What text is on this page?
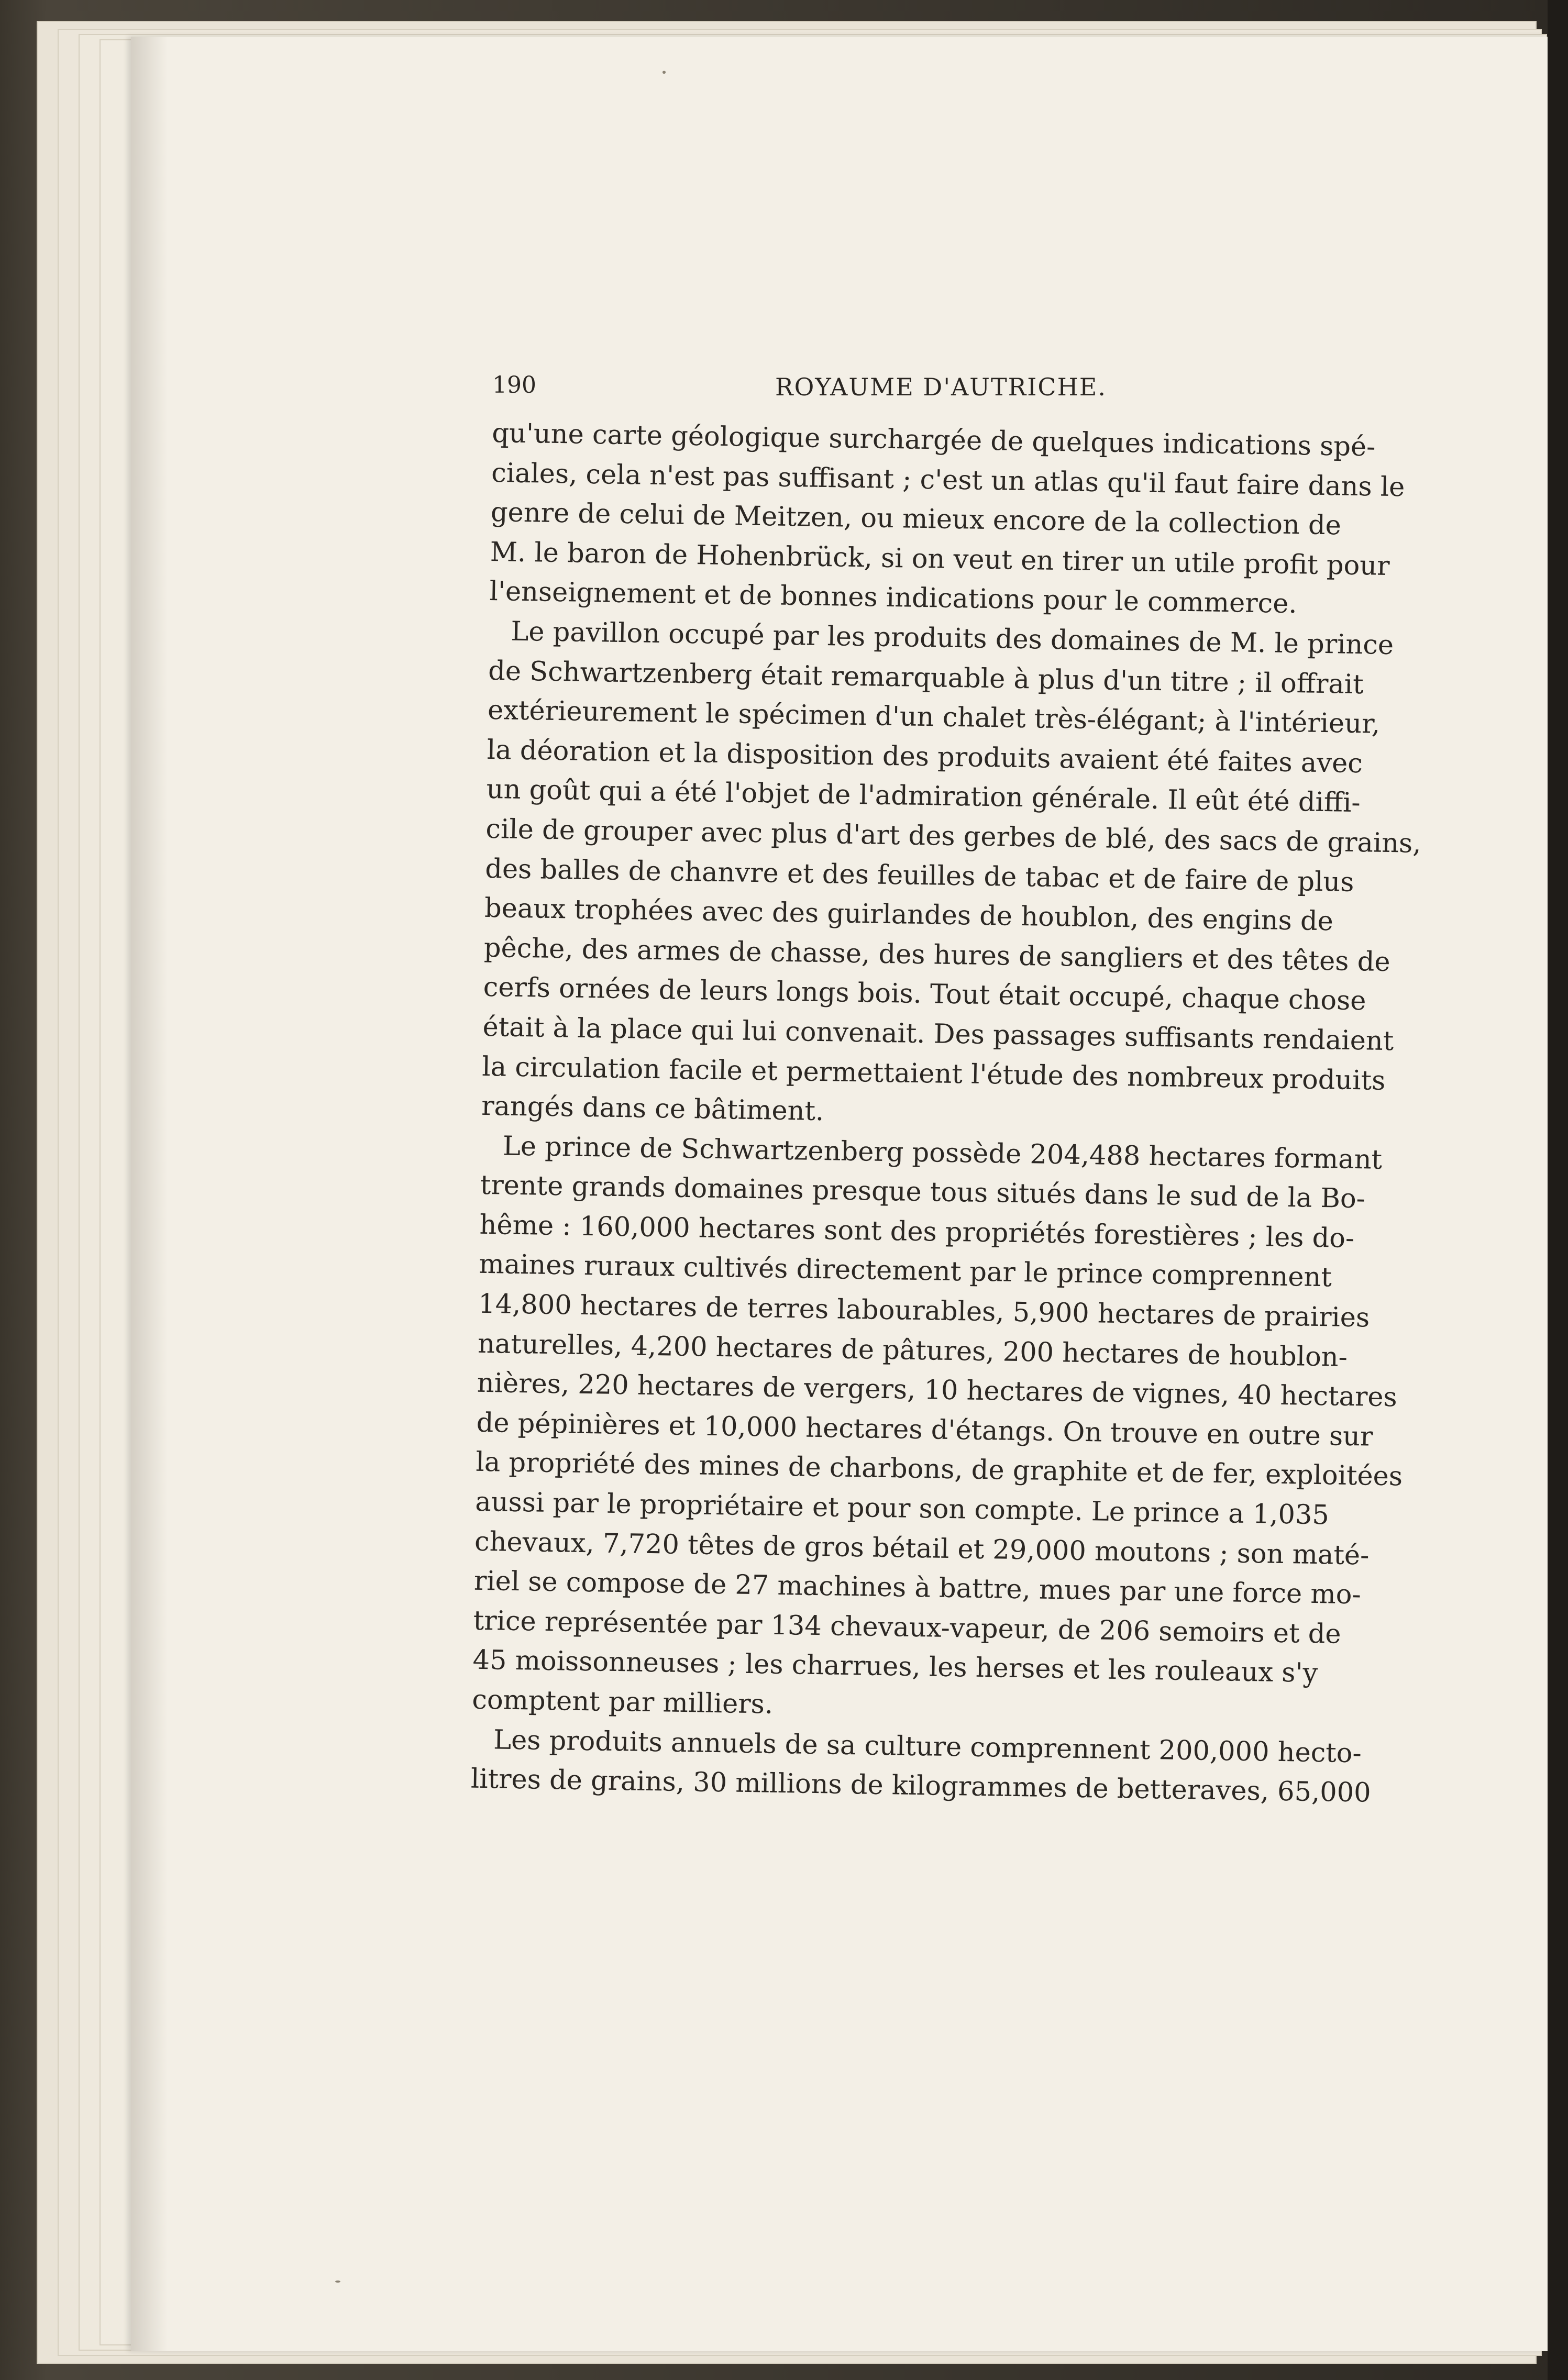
190	ROYAUME D'AUTRICHE.
qu'une carte géologique surchargée de quelques indications spé-
ciales, cela n'est pas suffisant ; c'est un atlas qu'il faut faire dans le
genre de celui de Meitzen, ou mieux encore de la collection de
M. le baron de Hohenbrück, si on veut en tirer un utile profit pour
l'enseignement et de bonnes indications pour le commerce.
Le pavillon occupé par les produits des domaines de M. le prince
de Schwartzenberg était remarquable à plus d'un titre ; il offrait
extérieurement le spécimen d'un chalet très-élégant; à l'intérieur,
la déoration et la disposition des produits avaient été faites avec
un goût qui a été l'objet de l'admiration générale. Il eût été diffi-
cile de grouper avec plus d'art des gerbes de blé, des sacs de grains,
des balles de chanvre et des feuilles de tabac et de faire de plus
beaux trophées avec des guirlandes de houblon, des engins de
pêche, des armes de chasse, des hures de sangliers et des têtes de
cerfs ornées de leurs longs bois. Tout était occupé, chaque chose
était à la place qui lui convenait. Des passages suffisants rendaient
la circulation facile et permettaient l'étude des nombreux produits
rangés dans ce bâtiment.
Le prince de Schwartzenberg possède 204,488 hectares formant
trente grands domaines presque tous situés dans le sud de la Bo-
hême : 160,000 hectares sont des propriétés forestières ; les do-
maines ruraux cultivés directement par le prince comprennent
14,800 hectares de terres labourables, 5,900 hectares de prairies
naturelles, 4,200 hectares de pâtures, 200 hectares de houblon-
nières, 220 hectares de vergers, 10 hectares de vignes, 40 hectares
de pépinières et 10,000 hectares d'étangs. On trouve en outre sur
la propriété des mines de charbons, de graphite et de fer, exploitées
aussi par le propriétaire et pour son compte. Le prince a 1,035
chevaux, 7,720 têtes de gros bétail et 29,000 moutons ; son maté-
riel se compose de 27 machines à battre, mues par une force mo-
trice représentée par 134 chevaux-vapeur, de 206 semoirs et de
45 moissonneuses ; les charrues, les herses et les rouleaux s'y
comptent par milliers.
Les produits annuels de sa culture comprennent 200,000 hecto-
litres de grains, 30 millions de kilogrammes de betteraves, 65,000
